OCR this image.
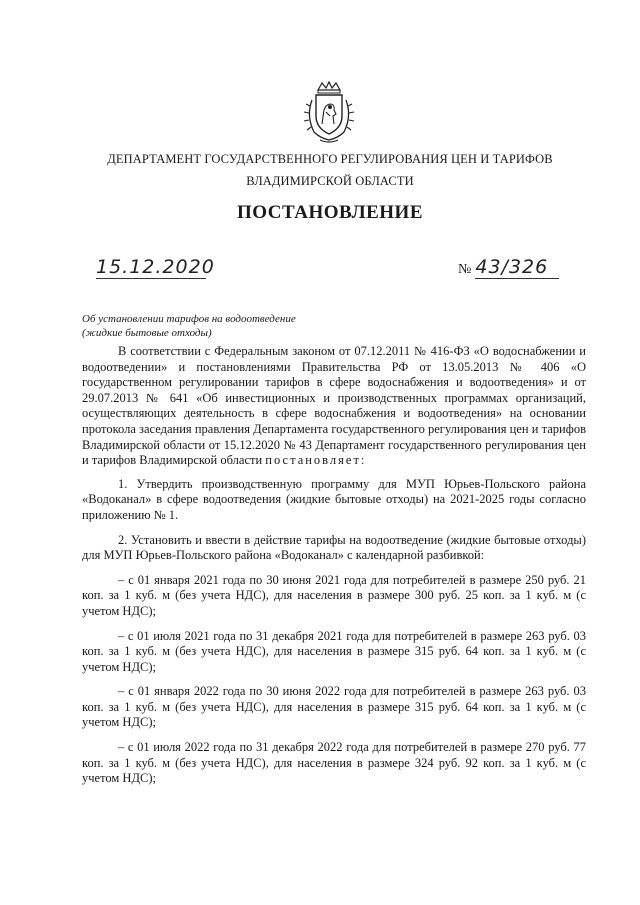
ДЕПАРТАМЕНТ ГОСУДАРСТВЕННОГО РЕГУЛИРОВАНИЯ ЦЕН И ТАРИФОВ
ВЛАДИМИРСКОЙ ОБЛАСТИ
ПОСТАНОВЛЕНИЕ
15.12.2020	№ 43/326
Об установлении тарифов на водоотведение
(жидкие бытовые отходы)

В соответствии с Федеральным законом от 07.12.2011 № 416-ФЗ «О водоснабжении и водоотведении» и постановлениями Правительства РФ от 13.05.2013 № 406 «О государственном регулировании тарифов в сфере водоснабжения и водоотведения» и от 29.07.2013 № 641 «Об инвестиционных и производственных программах организаций, осуществляющих деятельность в сфере водоснабжения и водоотведения» на основании протокола заседания правления Департамента государственного регулирования цен и тарифов Владимирской области от 15.12.2020 № 43 Департамент государственного регулирования цен и тарифов Владимирской области постановляет:

1. Утвердить производственную программу для МУП Юрьев-Польского района «Водоканал» в сфере водоотведения (жидкие бытовые отходы) на 2021-2025 годы согласно приложению № 1.

2. Установить и ввести в действие тарифы на водоотведение (жидкие бытовые отходы) для МУП Юрьев-Польского района «Водоканал» с календарной разбивкой:

– с 01 января 2021 года по 30 июня 2021 года для потребителей в размере 250 руб. 21 коп. за 1 куб. м (без учета НДС), для населения в размере 300 руб. 25 коп. за 1 куб. м (с учетом НДС);

– с 01 июля 2021 года по 31 декабря 2021 года для потребителей в размере 263 руб. 03 коп. за 1 куб. м (без учета НДС), для населения в размере 315 руб. 64 коп. за 1 куб. м (с учетом НДС);

– с 01 января 2022 года по 30 июня 2022 года для потребителей в размере 263 руб. 03 коп. за 1 куб. м (без учета НДС), для населения в размере 315 руб. 64 коп. за 1 куб. м (с учетом НДС);

– с 01 июля 2022 года по 31 декабря 2022 года для потребителей в размере 270 руб. 77 коп. за 1 куб. м (без учета НДС), для населения в размере 324 руб. 92 коп. за 1 куб. м (с учетом НДС);
